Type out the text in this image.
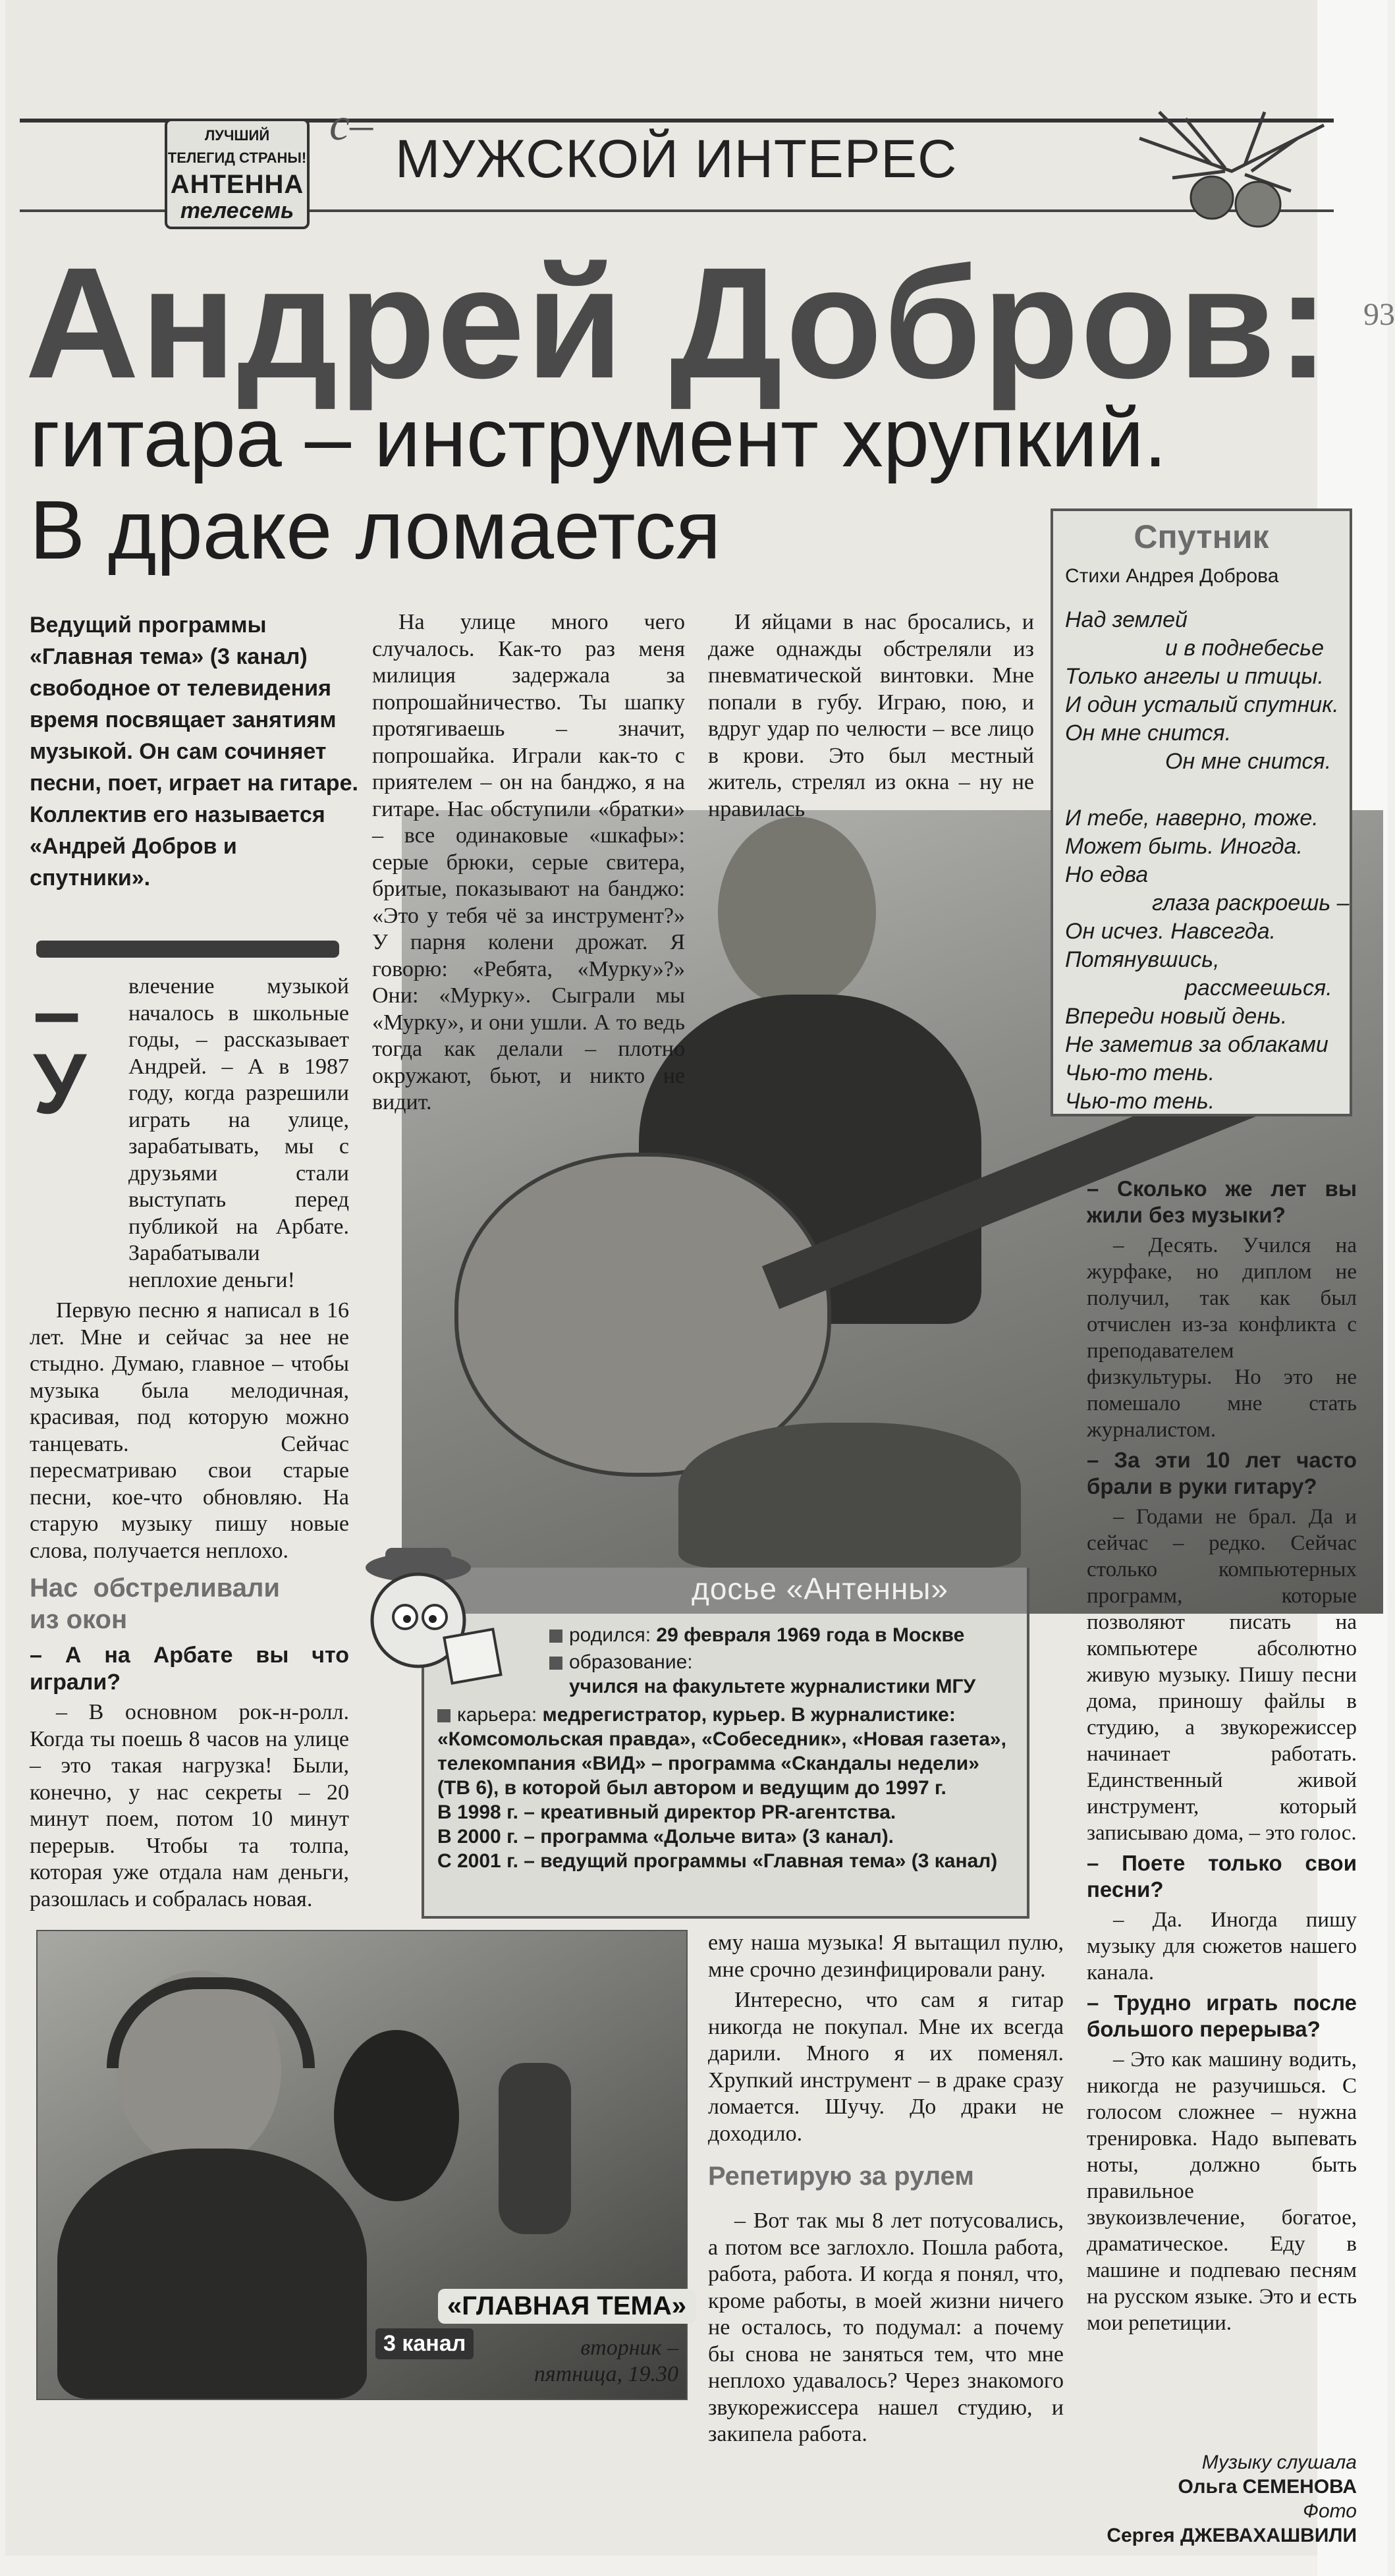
ЛУЧШИЙ
ТЕЛЕГИД СТРАНЫ!
АНТЕННА
телесемь
с–
МУЖСКОЙ ИНТЕРЕС
93
Андрей Добров:
гитара – инструмент хрупкий.
В драке ломается
Ведущий программы «Главная тема» (3 канал) свободное от телевидения время посвящает занятиям музыкой. Он сам сочиняет песни, поет, играет на гитаре. Коллектив его называется «Андрей Добров и спутники».
Спутник
Стихи Андрея Доброва
Над землей
и в поднебесье
Только ангелы и птицы.
И один усталый спутник.
Он мне снится.
Он мне снится.
И тебе, наверно, тоже.
Может быть. Иногда.
Но едва
глаза раскроешь –
Он исчез. Навсегда.
Потянувшись,
рассмеешься.
Впереди новый день.
Не заметив за облаками
Чью-то тень.
Чью-то тень.
–У

влечение музыкой началось в школьные годы, – рассказывает Андрей. – А в 1987 году, когда разрешили играть на улице, зарабатывать, мы с друзьями стали выступать перед публикой на Арбате. Зарабатывали неплохие деньги!

Первую песню я написал в 16 лет. Мне и сейчас за нее не стыдно. Думаю, главное – чтобы музыка была мелодичная, красивая, под которую можно танцевать. Сейчас пересматриваю свои старые песни, кое-что обновляю. На старую музыку пишу новые слова, получается неплохо.

Нас обстреливали из окон

– А на Арбате вы что играли?

– В основном рок-н-ролл. Когда ты поешь 8 часов на улице – это такая нагрузка! Были, конечно, у нас секреты – 20 минут поем, потом 10 минут перерыв. Чтобы та толпа, которая уже отдала нам деньги, разошлась и собралась новая.

На улице много чего случалось. Как-то раз меня милиция задержала за попрошайничество. Ты шапку протягиваешь – значит, попрошайка. Играли как-то с приятелем – он на банджо, я на гитаре. Нас обступили «братки» – все одинаковые «шкафы»: серые брюки, серые свитера, бритые, показывают на банджо: «Это у тебя чё за инструмент?» У парня колени дрожат. Я говорю: «Ребята, «Мурку»?» Они: «Мурку». Сыграли мы «Мурку», и они ушли. А то ведь тогда как делали – плотно окружают, бьют, и никто не видит.

И яйцами в нас бросались, и даже однажды обстреляли из пневматической винтовки. Мне попали в губу. Играю, пою, и вдруг удар по челюсти – все лицо в крови. Это был местный житель, стрелял из окна – ну не нравилась

родился: 29 февраля 1969 года в Москве
образование:
учился на факультете журналистики МГУ
карьера: медрегистратор, курьер. В журналистике: «Комсомольская правда», «Собеседник», «Новая газета», телекомпания «ВИД» – программа «Скандалы недели» (ТВ 6), в которой был автором и ведущим до 1997 г.
В 1998 г. – креативный директор PR-агентства.
В 2000 г. – программа «Дольче вита» (3 канал).
С 2001 г. – ведущий программы «Главная тема» (3 канал)
досье «Антенны»
«ГЛАВНАЯ ТЕМА»
3 канал	вторник – пятница, 19.30

ему наша музыка! Я вытащил пулю, мне срочно дезинфицировали рану.

Интересно, что сам я гитар никогда не покупал. Мне их всегда дарили. Много я их поменял. Хрупкий инструмент – в драке сразу ломается. Шучу. До драки не доходило.

Репетирую за рулем

– Вот так мы 8 лет потусовались, а потом все заглохло. Пошла работа, работа, работа. И когда я понял, что, кроме работы, в моей жизни ничего не осталось, то подумал: а почему бы снова не заняться тем, что мне неплохо удавалось? Через знакомого звукорежиссера нашел студию, и закипела работа.

– Сколько же лет вы жили без музыки?

– Десять. Учился на журфаке, но диплом не получил, так как был отчислен из-за конфликта с преподавателем физкультуры. Но это не помешало мне стать журналистом.

– За эти 10 лет часто брали в руки гитару?

– Годами не брал. Да и сейчас – редко. Сейчас столько компьютерных программ, которые позволяют писать на компьютере абсолютно живую музыку. Пишу песни дома, приношу файлы в студию, а звукорежиссер начинает работать. Единственный живой инструмент, который записываю дома, – это голос.

– Поете только свои песни?

– Да. Иногда пишу музыку для сюжетов нашего канала.

– Трудно играть после большого перерыва?

– Это как машину водить, никогда не разучишься. С голосом сложнее – нужна тренировка. Надо выпевать ноты, должно быть правильное звукоизвлечение, богатое, драматическое. Еду в машине и подпеваю песням на русском языке. Это и есть мои репетиции.

Музыку слушала
Ольга СЕМЕНОВА
Фото
Сергея ДЖЕВАХАШВИЛИ
